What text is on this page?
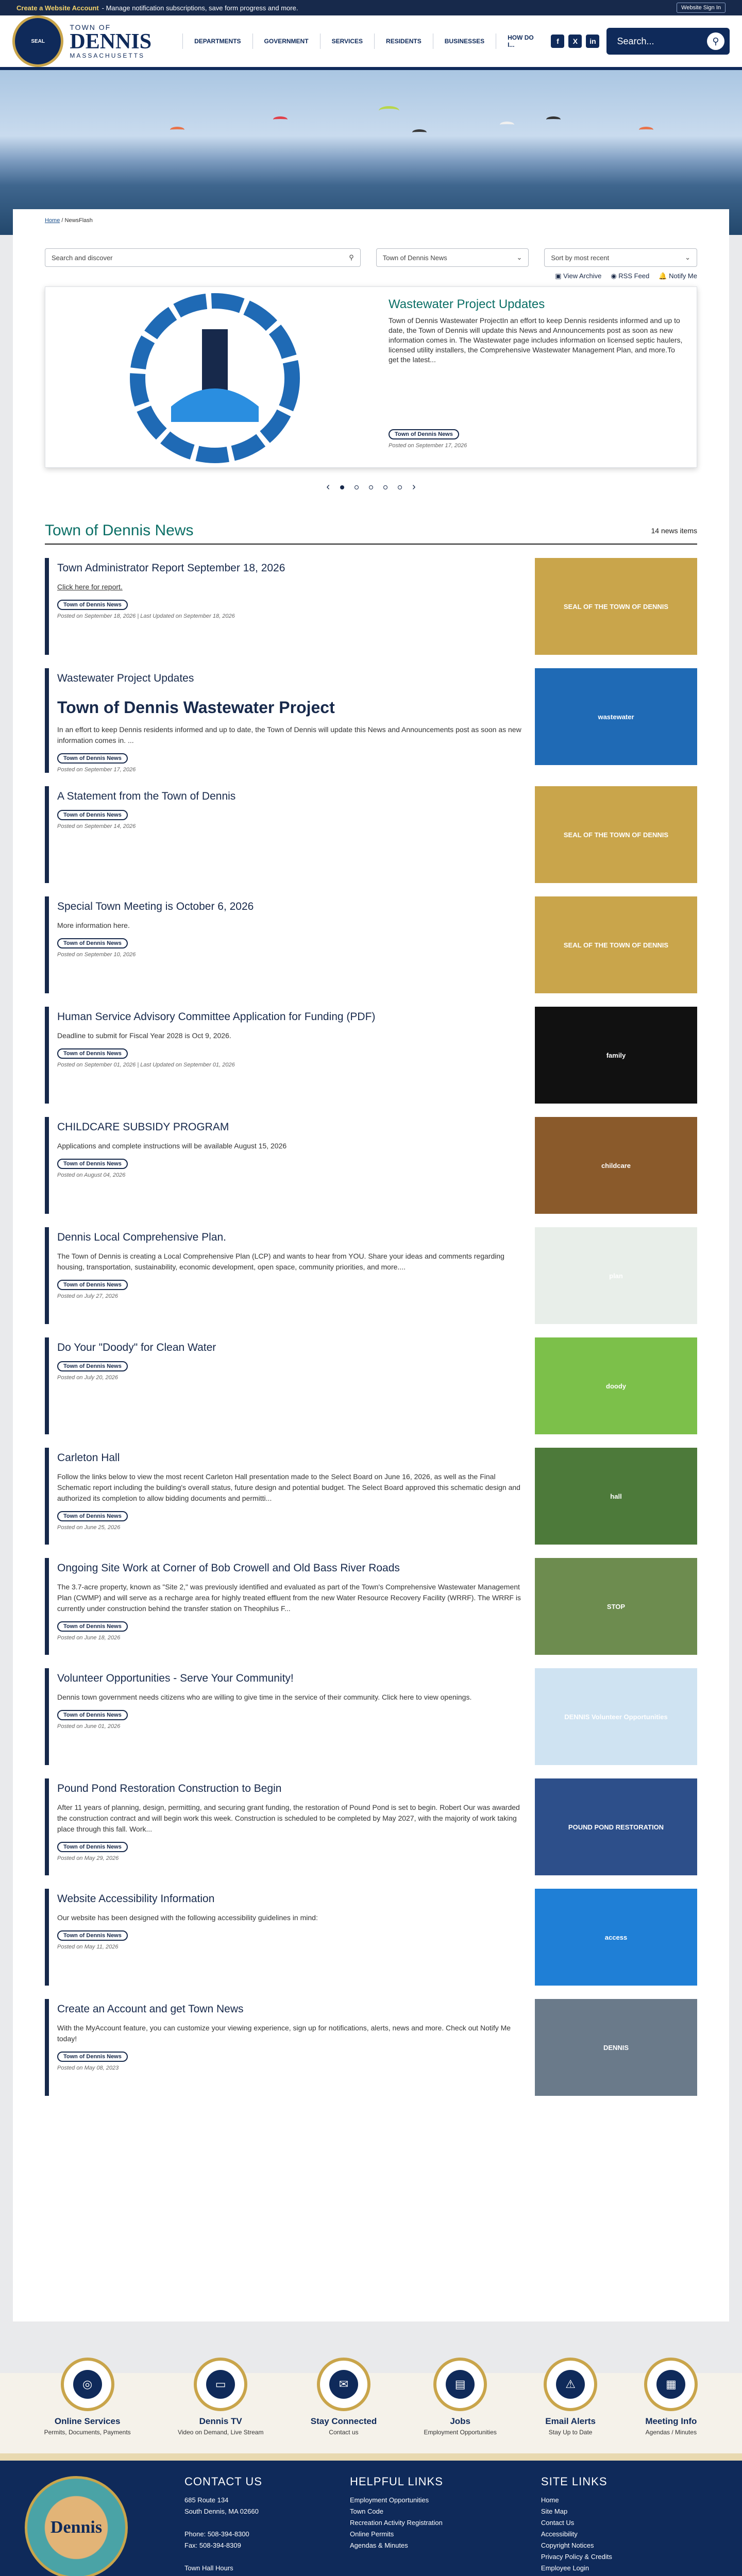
Create a Website Account - Manage notification subscriptions, save form progress and more.	Website Sign In
SEAL
TOWN OF
DENNIS
MASSACHUSETTS
DEPARTMENTS	GOVERNMENT	SERVICES	RESIDENTS	BUSINESSES	HOW DO I...	f	X	in	Search...	⚲
Home / NewsFlash
Search and discover	⚲	Town of Dennis News	⌄	Sort by most recent	⌄
▣ View Archive ◉ RSS Feed 🔔 Notify Me
Wastewater Project Updates

Town of Dennis Wastewater ProjectIn an effort to keep Dennis residents informed and up to date, the Town of Dennis will update this News and Announcements post as soon as new information comes in. The Wastewater page includes information on licensed septic haulers, licensed utility installers, the Comprehensive Wastewater Management Plan, and more.To get the latest...

Town of Dennis News
Posted on September 17, 2026
‹	›
Town of Dennis News	14 news items
Town Administrator Report September 18, 2026
Click here for report.
Town of Dennis News
Posted on September 18, 2026 | Last Updated on September 18, 2026
SEAL OF THE TOWN OF DENNIS
Wastewater Project Updates
Town of Dennis Wastewater Project
In an effort to keep Dennis residents informed and up to date, the Town of Dennis will update this News and Announcements post as soon as new information comes in. ...
Town of Dennis News
Posted on September 17, 2026
wastewater
A Statement from the Town of Dennis
Town of Dennis News
Posted on September 14, 2026
SEAL OF THE TOWN OF DENNIS
Special Town Meeting is October 6, 2026
More information here.
Town of Dennis News
Posted on September 10, 2026
SEAL OF THE TOWN OF DENNIS
Human Service Advisory Committee Application for Funding (PDF)
Deadline to submit for Fiscal Year 2028 is Oct 9, 2026.
Town of Dennis News
Posted on September 01, 2026 | Last Updated on September 01, 2026
family
CHILDCARE SUBSIDY PROGRAM
Applications and complete instructions will be available August 15, 2026
Town of Dennis News
Posted on August 04, 2026
childcare
Dennis Local Comprehensive Plan.
The Town of Dennis is creating a Local Comprehensive Plan (LCP) and wants to hear from YOU. Share your ideas and comments regarding housing, transportation, sustainability, economic development, open space, community priorities, and more....
Town of Dennis News
Posted on July 27, 2026
plan
Do Your "Doody" for Clean Water
Town of Dennis News
Posted on July 20, 2026
doody
Carleton Hall
Follow the links below to view the most recent Carleton Hall presentation made to the Select Board on June 16, 2026, as well as the Final Schematic report including the building's overall status, future design and potential budget. The Select Board approved this schematic design and authorized its completion to allow bidding documents and permitti...
Town of Dennis News
Posted on June 25, 2026
hall
Ongoing Site Work at Corner of Bob Crowell and Old Bass River Roads
The 3.7-acre property, known as "Site 2," was previously identified and evaluated as part of the Town's Comprehensive Wastewater Management Plan (CWMP) and will serve as a recharge area for highly treated effluent from the new Water Resource Recovery Facility (WRRF). The WRRF is currently under construction behind the transfer station on Theophilus F...
Town of Dennis News
Posted on June 18, 2026
STOP
Volunteer Opportunities - Serve Your Community!
Dennis town government needs citizens who are willing to give time in the service of their community. Click here to view openings.
Town of Dennis News
Posted on June 01, 2026
DENNIS Volunteer Opportunities
Pound Pond Restoration Construction to Begin
After 11 years of planning, design, permitting, and securing grant funding, the restoration of Pound Pond is set to begin. Robert Our was awarded the construction contract and will begin work this week. Construction is scheduled to be completed by May 2027, with the majority of work taking place through this fall. Work...
Town of Dennis News
Posted on May 29, 2026
POUND POND RESTORATION
Website Accessibility Information
Our website has been designed with the following accessibility guidelines in mind:
Town of Dennis News
Posted on May 11, 2026
access
Create an Account and get Town News
With the MyAccount feature, you can customize your viewing experience, sign up for notifications, alerts, news and more. Check out Notify Me today!
Town of Dennis News
Posted on May 08, 2023
DENNIS
◎
Online Services
Permits, Documents, Payments
▭
Dennis TV
Video on Demand, Live Stream
✉
Stay Connected
Contact us
▤
Jobs
Employment Opportunities
⚠
Email Alerts
Stay Up to Date
▦
Meeting Info
Agendas / Minutes
Dennis
CONTACT US
685 Route 134
South Dennis, MA 02660

Phone: 508-394-8300
Fax: 508-394-8309

Town Hall Hours
HELPFUL LINKS
Employment Opportunities
Town Code
Recreation Activity Registration
Online Permits
Agendas & Minutes
SITE LINKS
Home
Site Map
Contact Us
Accessibility
Copyright Notices
Privacy Policy & Credits
Employee Login
